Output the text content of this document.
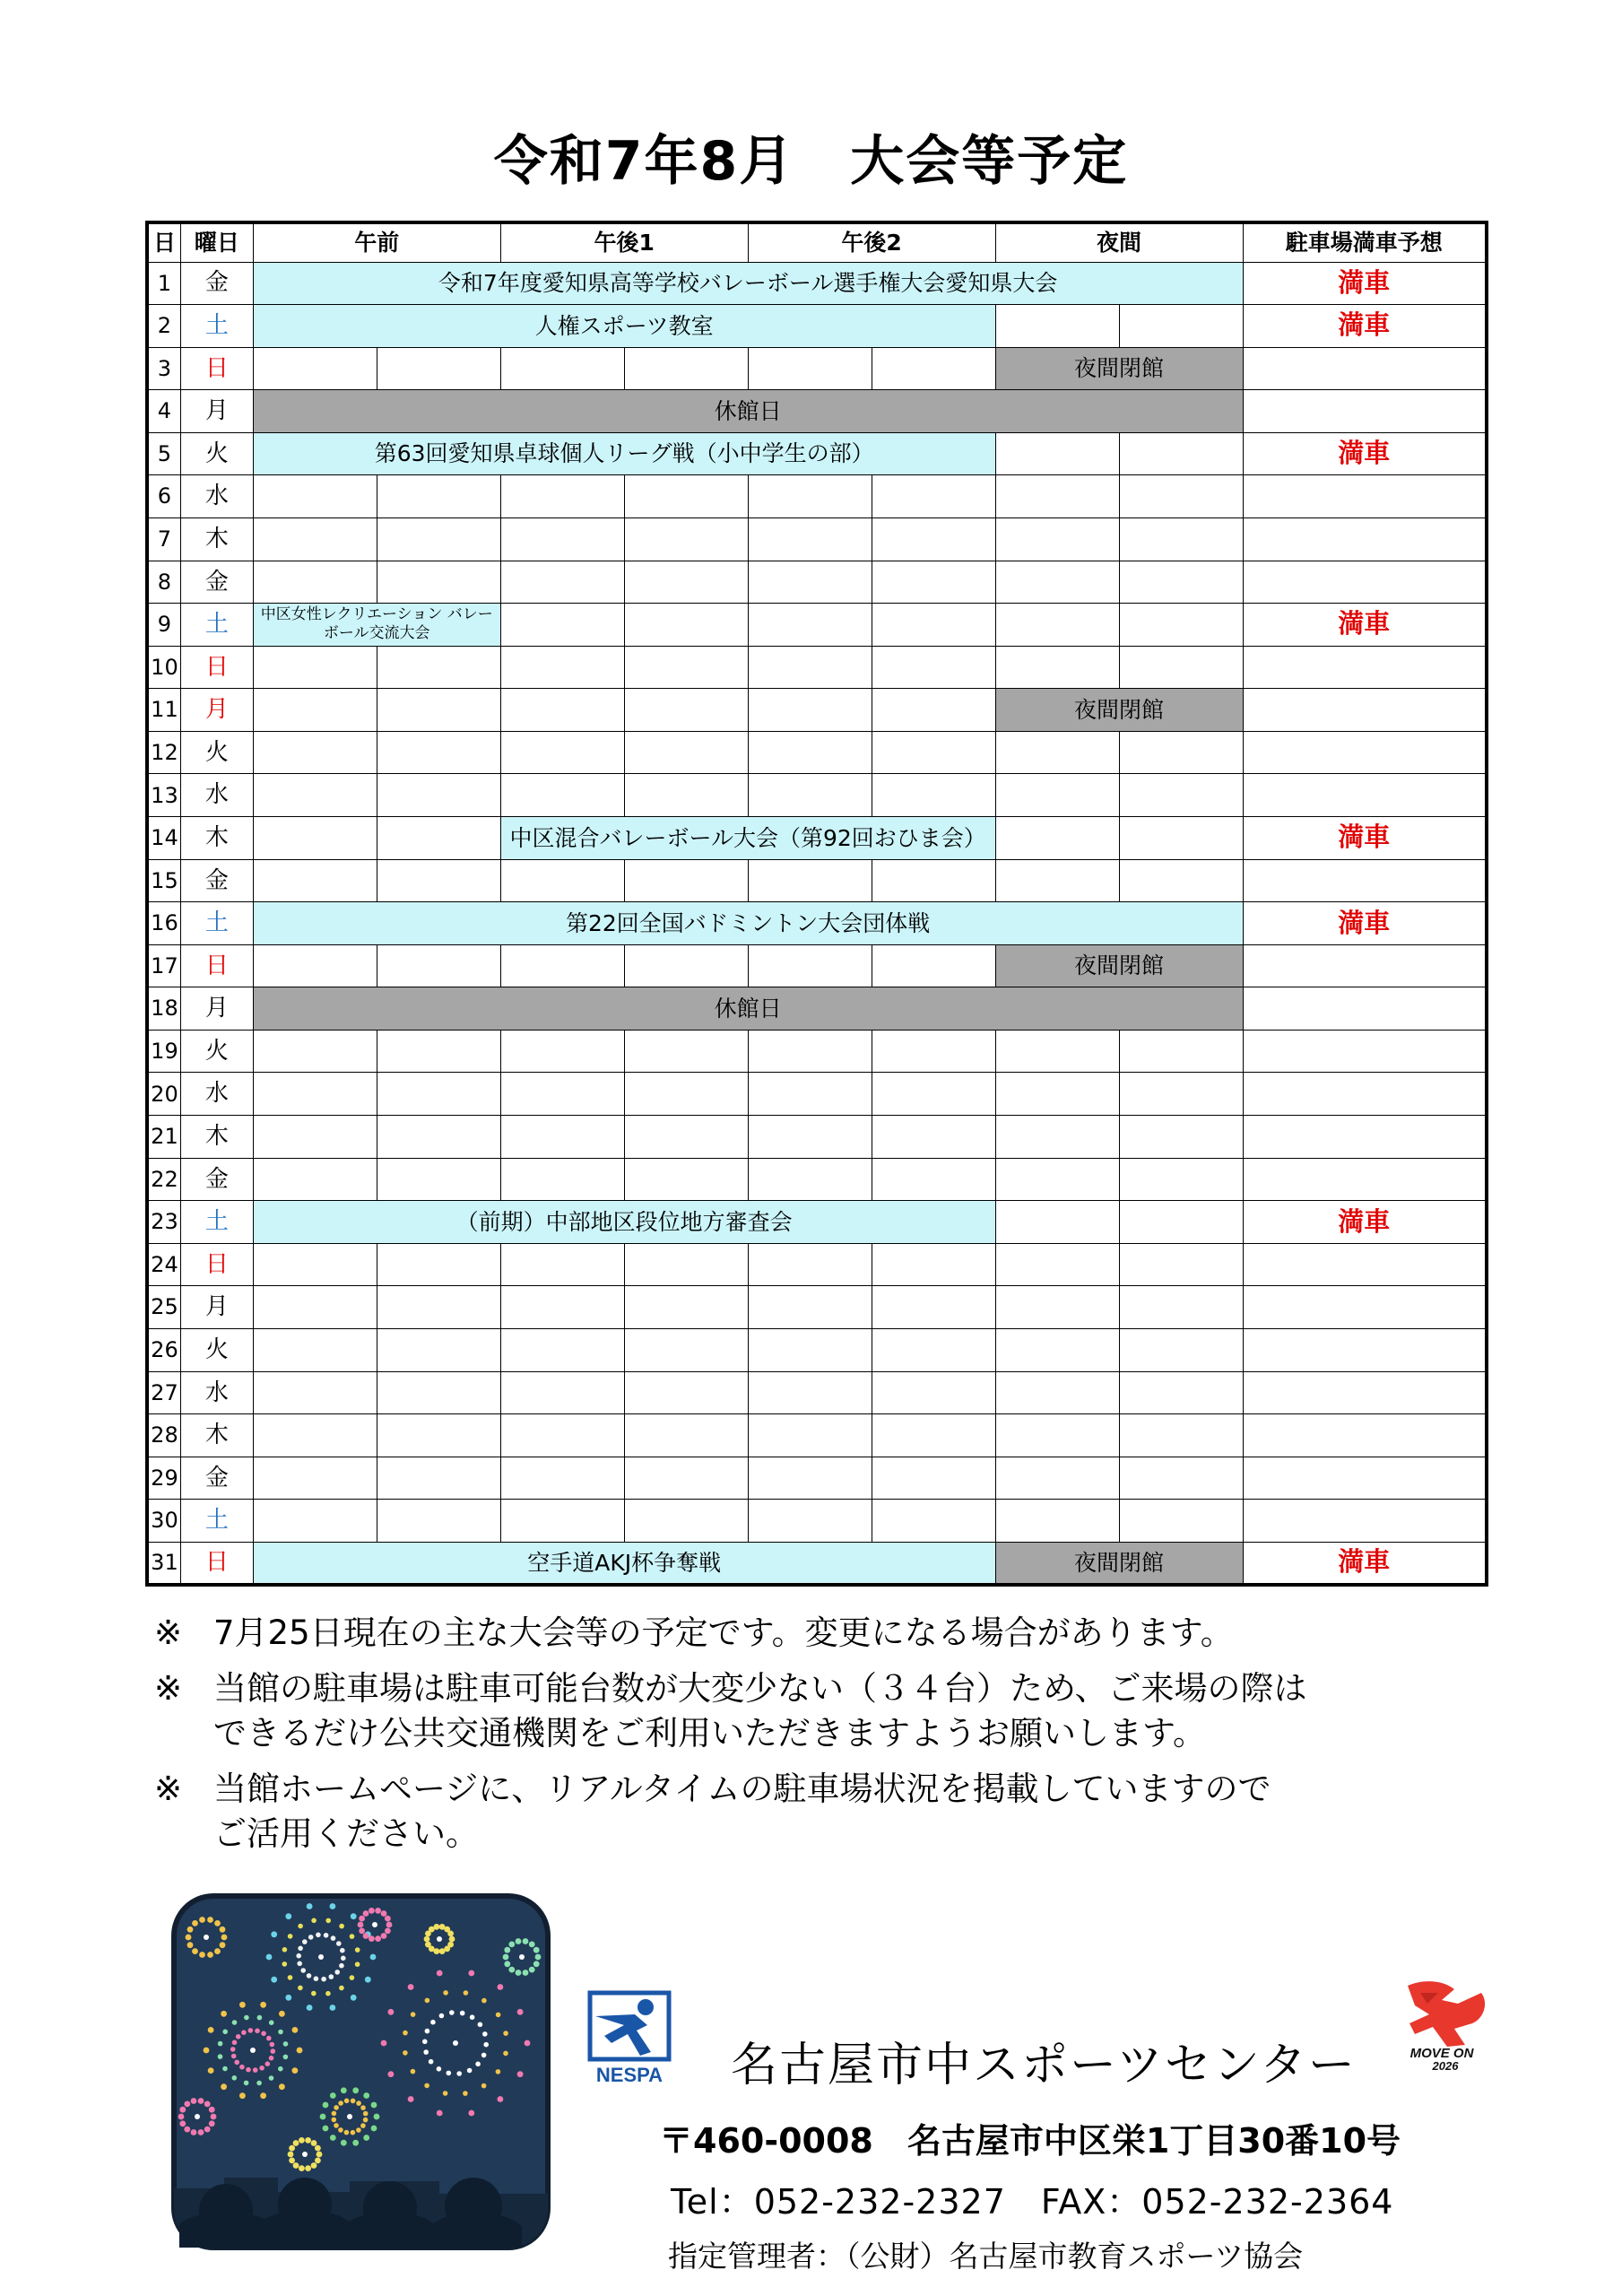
令和7年8月　大会等予定
日	曜日	午前		午後1		午後2		夜間		駐車場満車予想
1	金	令和7年度愛知県高等学校バレーボール選手権大会愛知県大会								満車
2	土	人権スポーツ教室								満車
3	日							夜間閉館		
4	月	休館日								
5	火	第63回愛知県卓球個人リーグ戦（小中学生の部）								満車
6	水									
7	木									
8	金									
9	土	中区女性レクリエーション バレーボール交流大会								満車
10	日									
11	月							夜間閉館		
12	火									
13	水									
14	木			中区混合バレーボール大会（第92回おひま会）						満車
15	金									
16	土	第22回全国バドミントン大会団体戦								満車
17	日							夜間閉館		
18	月	休館日								
19	火									
20	水									
21	木									
22	金									
23	土	（前期）中部地区段位地方審査会								満車
24	日									
25	月									
26	火									
27	水									
28	木									
29	金									
30	土									
31	日	空手道AKJ杯争奪戦						夜間閉館		満車
※ 7月25日現在の主な大会等の予定です。変更になる場合があります。
※ 当館の駐車場は駐車可能台数が大変少ない（３４台）ため、ご来場の際は
できるだけ公共交通機関をご利用いただきますようお願いします。
※ 当館ホームページに、リアルタイムの駐車場状況を掲載していますので
ご活用ください。
NESPA
MOVE ON
2026
名古屋市中スポーツセンター
〒460-0008　名古屋市中区栄1丁目30番10号
Tel：052-232-2327　FAX：052-232-2364
指定管理者：（公財）名古屋市教育スポーツ協会
